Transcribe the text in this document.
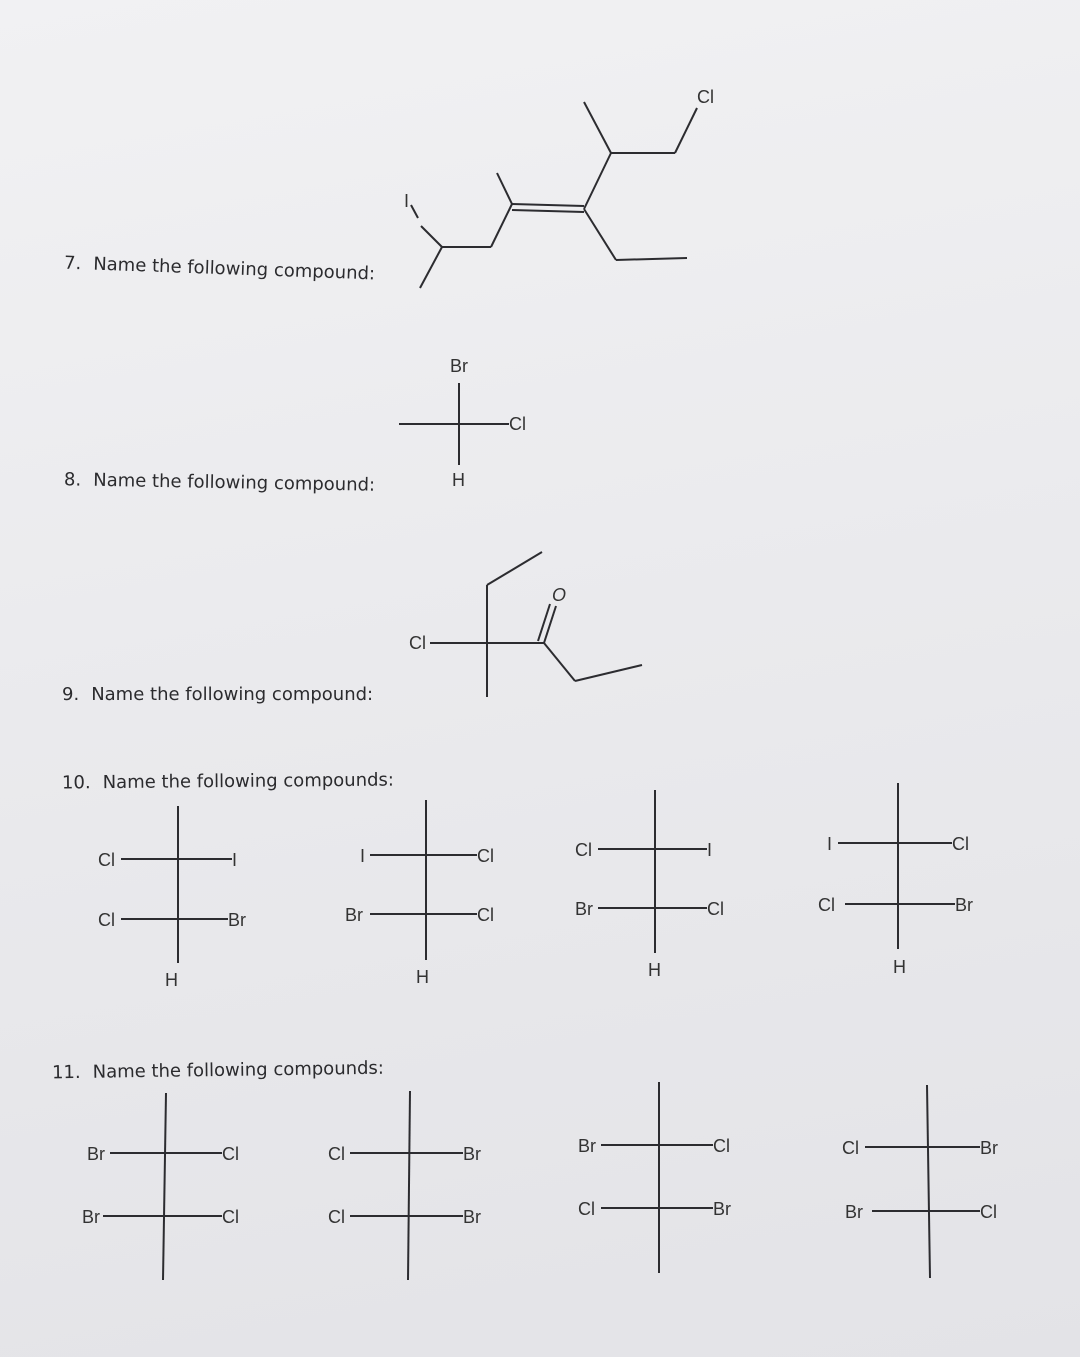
7. Name the following compound:
8. Name the following compound:
9. Name the following compound:
10. Name the following compounds:
11. Name the following compounds:
Cl
Br
Cl
H
Cl
O
Cl	I
Cl	Br
H
I	Cl
Br	Cl
H
Cl	I
Br	Cl
H
I	Cl
Cl	Br
H
Br	Cl
Br	Cl
Cl	Br
Cl	Br
Br	Cl
Cl	Br
Cl	Br
Br	Cl
I
